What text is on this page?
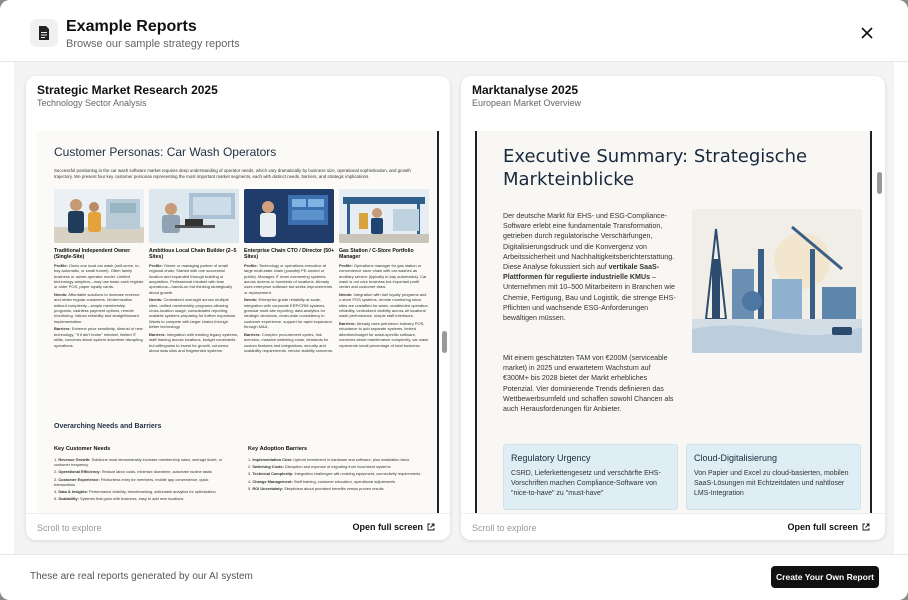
Example Reports
Browse our sample strategy reports
Strategic Market Research 2025
Technology Sector Analysis
Customer Personas: Car Wash Operators
Successful positioning in the car wash software market requires deep understanding of operator needs, which vary dramatically by business size, operational sophistication, and growth trajectory. We present four key customer personas representing the most important market segments, each with distinct needs, barriers, and strategic implications.
Traditional Independent Owner (Single-Site)

Profile: Owns one local car wash (self-serve, in-bay automatic, or small tunnel). Often family business or owner-operator model. Limited technology adoption—may use basic cash register or older POS, paper loyalty cards.

Needs: Affordable solutions to increase revenue and retain regular customers. Modernization without complexity—simple membership programs, cashless payment options, remote monitoring. Values reliability and straightforward implementation.

Barriers: Extreme price sensitivity, distrust of new technology, "if it ain't broke" mindset, limited IT skills, concerns about system downtime disrupting operations.

Ambitious Local Chain Builder (2–5 Sites)

Profile: Owner or managing partner of small regional chain. Started with one successful location and expanded through building or acquisition. Professional mindset with lean operations—hands-on but thinking strategically about growth.

Needs: Centralized oversight across multiple sites, unified membership programs allowing cross-location usage, consolidated reporting, scalable systems preparing for further expansion. Wants to compete with larger chains through better technology.

Barriers: Integration with existing legacy systems, staff training across locations, budget constraints but willingness to invest for growth, concerns about data silos and fragmented systems.

Enterprise Chain CTO / Director (50+ Sites)

Profile: Technology or operations executive at large multi-state chain (possibly PE-owned or public). Manages IT team overseeing systems across dozens or hundreds of locations. Already uses enterprise software but seeks improvements or replacement.

Needs: Enterprise-grade reliability at scale, integration with corporate ERP/CRM systems, granular multi-site reporting, data analytics for strategic decisions, chain-wide consistency in customer experience, support for rapid expansion through M&A.

Barriers: Complex procurement cycles, risk aversion, massive switching costs, demands for custom features and integrations, security and scalability requirements, vendor stability concerns.

Gas Station / C-Store Portfolio Manager

Profile: Operations manager for gas station or convenience store chain with car washes as ancillary service (typically in-bay automatics). Car wash is not core business but important profit center and customer draw.

Needs: Integration with fuel loyalty programs and c-store POS systems, remote monitoring since sites are unstaffed for wash, unattended operation reliability, centralized visibility across all locations' wash performance, simple staff interfaces.

Barriers: Already uses petroleum industry POS, reluctance to add separate systems, limited attention/budget for wash-specific software, concerns about maintenance complexity, car wash represents small percentage of total business.

Overarching Needs and Barriers
Key Customer Needs	Key Adoption Barriers
1. Revenue Growth: Solutions must demonstrably increase membership sales, average ticket, or customer frequency
2. Operational Efficiency: Reduce labor costs, minimize downtime, automate routine tasks
3. Customer Experience: Frictionless entry for members, mobile app convenience, quick transactions
4. Data & Insights: Performance visibility, benchmarking, actionable analytics for optimization
5. Scalability: Systems that grow with business, easy to add new locations
1. Implementation Cost: Upfront investment in hardware and software, plus installation labor
2. Switching Costs: Disruption and expense of migrating from incumbent systems
3. Technical Complexity: Integration challenges with existing equipment, connectivity requirements
4. Change Management: Staff training, customer education, operational adjustments
5. ROI Uncertainty: Skepticism about promised benefits versus proven results
Scroll to explore	Open full screen
Marktanalyse 2025
European Market Overview
Executive Summary: Strategische Markteinblicke
Der deutsche Markt für EHS- und ESG-Compliance-Software erlebt eine fundamentale Transformation, getrieben durch regulatorische Verschärfungen, Digitalisierungsdruck und die Konvergenz von Arbeitssicherheit und Nachhaltigkeitsberichterstattung. Diese Analyse fokussiert sich auf vertikale SaaS-Plattformen für regulierte industrielle KMUs – Unternehmen mit 10–500 Mitarbeitern in Branchen wie Chemie, Fertigung, Bau und Logistik, die strenge EHS-Pflichten und wachsende ESG-Anforderungen bewältigen müssen.
Mit einem geschätzten TAM von €200M (serviceable market) in 2025 und erwartetem Wachstum auf €300M+ bis 2028 bietet der Markt erhebliches Potenzial. Vier dominierende Trends definieren das Wettbewerbsumfeld und schaffen sowohl Chancen als auch Herausforderungen für Anbieter.
Regulatory Urgency
CSRD, Lieferkettengesetz und verschärfte EHS-Vorschriften machen Compliance-Software von "nice-to-have" zu "must-have"
Cloud-Digitalisierung
Von Papier und Excel zu cloud-basierten, mobilen SaaS-Lösungen mit Echtzeitdaten und nahtloser LMS-Integration
Scroll to explore	Open full screen
These are real reports generated by our AI system	Create Your Own Report
